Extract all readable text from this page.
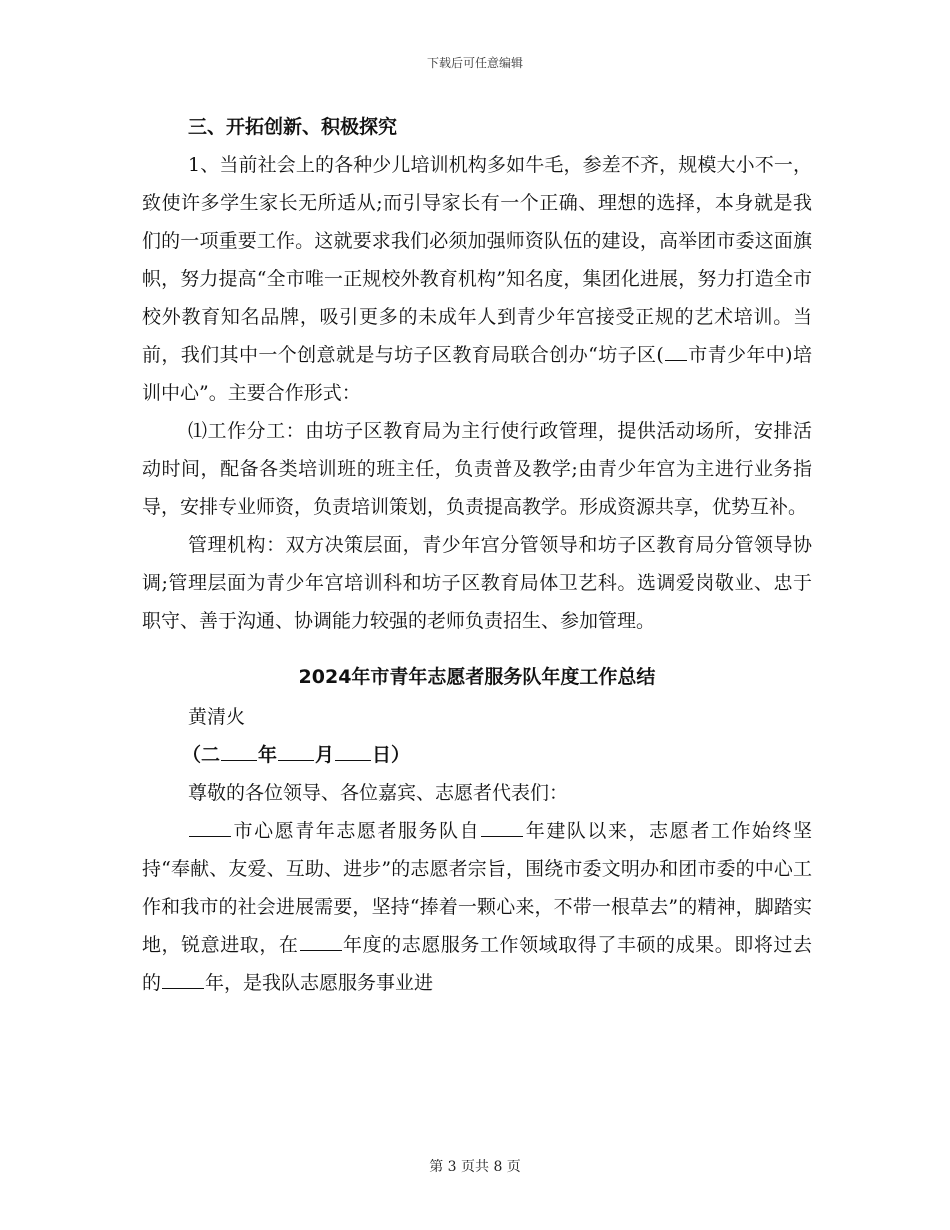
下载后可任意编辑
三、开拓创新、积极探究

1、当前社会上的各种少儿培训机构多如牛毛，参差不齐，规模大小不一，致使许多学生家长无所适从;而引导家长有一个正确、理想的选择，本身就是我们的一项重要工作。这就要求我们必须加强师资队伍的建设，高举团市委这面旗帜，努力提高“全市唯一正规校外教育机构”知名度，集团化进展，努力打造全市校外教育知名品牌，吸引更多的未成年人到青少年宫接受正规的艺术培训。当前，我们其中一个创意就是与坊子区教育局联合创办“坊子区( 市青少年中)培训中心”。主要合作形式：

⑴工作分工：由坊子区教育局为主行使行政管理，提供活动场所，安排活动时间，配备各类培训班的班主任，负责普及教学;由青少年宫为主进行业务指导，安排专业师资，负责培训策划，负责提高教学。形成资源共享，优势互补。

管理机构：双方决策层面，青少年宫分管领导和坊子区教育局分管领导协调;管理层面为青少年宫培训科和坊子区教育局体卫艺科。选调爱岗敬业、忠于职守、善于沟通、协调能力较强的老师负责招生、参加管理。

2024年市青年志愿者服务队年度工作总结
黄清火
（二 年 月 日）

尊敬的各位领导、各位嘉宾、志愿者代表们：

市心愿青年志愿者服务队自 年建队以来，志愿者工作始终坚持“奉献、友爱、互助、进步”的志愿者宗旨，围绕市委文明办和团市委的中心工作和我市的社会进展需要，坚持“捧着一颗心来，不带一根草去”的精神，脚踏实地，锐意进取，在 年度的志愿服务工作领域取得了丰硕的成果。即将过去的 年，是我队志愿服务事业进

第 3 页共 8 页
